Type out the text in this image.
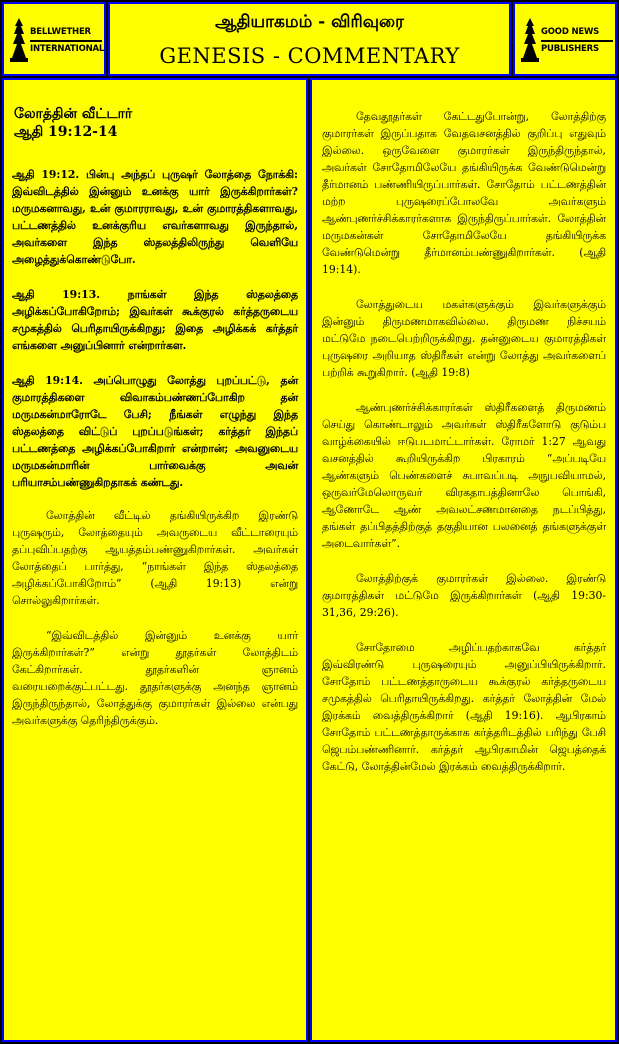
BELLWETHER
INTERNATIONAL
ஆதியாகமம் - விரிவுரை
GENESIS - COMMENTARY
GOOD NEWS
PUBLISHERS
லோத்தின் வீட்டார்
ஆதி 19:12-14

ஆதி 19:12. பின்பு அந்தப் புருஷர் லோத்தை நோக்கி: இவ்விடத்தில் இன்னும் உனக்கு யார் இருக்கிறார்கள்? மருமகனாவது, உன் குமாரராவது, உன் குமாரத்திகளாவது, பட்டணத்தில் உனக்குரிய எவர்களாவது இருந்தால், அவர்களை இந்த ஸ்தலத்திலிருந்து வெளியே அழைத்துக்கொண்டுபோ.

ஆதி 19:13. நாங்கள் இந்த ஸ்தலத்தை அழிக்கப்போகிறோம்; இவர்கள் கூக்குரல் கர்த்தருடைய சமுகத்தில் பெரிதாயிருக்கிறது; இதை அழிக்கக் கர்த்தர் எங்களை அனுப்பினார் என்றார்கள.

ஆதி 19:14. அப்பொழுது லோத்து புறப்பட்டு, தன் குமாரத்திகளை விவாகம்பண்ணப்போகிற தன் மருமகன்மாரோடே பேசி; நீங்கள் எழுந்து இந்த ஸ்தலத்தை விட்டுப் புறப்படுங்கள்; கர்த்தர் இந்தப் பட்டணத்தை அழிக்கப்போகிறார் என்றான்; அவனுடைய மருமகன்மாரின் பார்வைக்கு அவன் பரியாசம்பண்ணுகிறதாகக் கண்டது.

லோத்தின் வீட்டில் தங்கியிருக்கிற இரண்டு புருஷரும், லோத்தையும் அவருடைய வீட்டாரையும் தப்புவிப்பதற்கு ஆயத்தம்பண்ணுகிறார்கள். அவர்கள் லோத்தைப் பார்த்து, “நாங்கள் இந்த ஸ்தலத்தை அழிக்கப்போகிறோம்” (ஆதி 19:13) என்று சொல்லுகிறார்கள்.

“இவ்விடத்தில் இன்னும் உனக்கு யார் இருக்கிறார்கள்?” என்று தூதர்கள் லோத்திடம் கேட்கிறார்கள். தூதர்களின் ஞானம் வரையறைக்குட்பட்டது. தூதர்களுக்கு அனந்த ஞானம் இருந்திருந்தால், லோத்துக்கு குமாரர்கள் இல்லை என்பது அவர்களுக்கு தெரிந்திருக்கும்.

தேவதூதர்கள் கேட்டதுபோன்று, லோத்திற்கு குமாரர்கள் இருப்பதாக வேதவசனத்தில் குறிப்பு எதுவும் இல்லை. ஒருவேளை குமாரர்கள் இருந்திருந்தால், அவர்கள் சோதோமிலேயே தங்கியிருக்க வேண்டுமென்று தீர்மானம் பண்ணியிருப்பார்கள். சோதோம் பட்டணத்தின் மற்ற புருஷரைப்போலவே அவர்களும் ஆண்புணர்ச்சிக்காரர்களாக இருந்திருப்பார்கள். லோத்தின் மருமகன்கள் சோதோமிலேயே தங்கியிருக்க வேண்டுமென்று தீர்மானம்பண்ணுகிறார்கள். (ஆதி 19:14).

லோத்துடைய மகள்களுக்கும் இவர்களுக்கும் இன்னும் திருமணமாகவில்லை. திருமண நிச்சயம் மட்டுமே நடைபெற்றிருக்கிறது. தன்னுடைய குமாரத்திகள் புருஷரை அறியாத ஸ்திரீகள் என்று லோத்து அவர்களைப் பற்றிக் கூறுகிறார். (ஆதி 19:8)

ஆண்புணர்ச்சிக்காரர்கள் ஸ்திரீகளைத் திருமணம் செய்து கொண்டாலும் அவர்கள் ஸ்திரீகளோடு குடும்ப வாழ்க்கையில் ஈடுபடமாட்டார்கள். ரோமர் 1:27 ஆவது வசனத்தில் கூறியிருக்கிற பிரகாரம் “அப்படியே ஆண்களும் பெண்களைச் சுபாவப்படி அநுபவியாமல், ஒருவர்மேலொருவர் விரகதாபத்தினாலே பொங்கி, ஆணோடே ஆண் அவலட்சணமானதை நடப்பித்து, தங்கள் தப்பிதத்திற்குத் தகுதியான பலனைத் தங்களுக்குள் அடைவார்கள்”.

லோத்திற்குக் குமாரர்கள் இல்லை. இரண்டு குமாரத்திகள் மட்டுமே இருக்கிறார்கள் (ஆதி 19:30-31,36, 29:26).

சோதோமை அழிப்பதற்காகவே கர்த்தர் இவ்விரண்டு புருஷரையும் அனுப்பியிருக்கிறார். சோதோம் பட்டணத்தாருடைய கூக்குரல் கர்த்தருடைய சமுகத்தில் பெரிதாயிருக்கிறது. கர்த்தர் லோத்தின் மேல் இரக்கம் வைத்திருக்கிறார் (ஆதி 19:16). ஆபிரகாம் சோதோம் பட்டணத்தாருக்காக கர்த்தரிடத்தில் பரிந்து பேசி ஜெபம்பண்ணினார். கர்த்தர் ஆபிரகாமின் ஜெபத்தைக் கேட்டு, லோத்தின்மேல் இரக்கம் வைத்திருக்கிறார்.
